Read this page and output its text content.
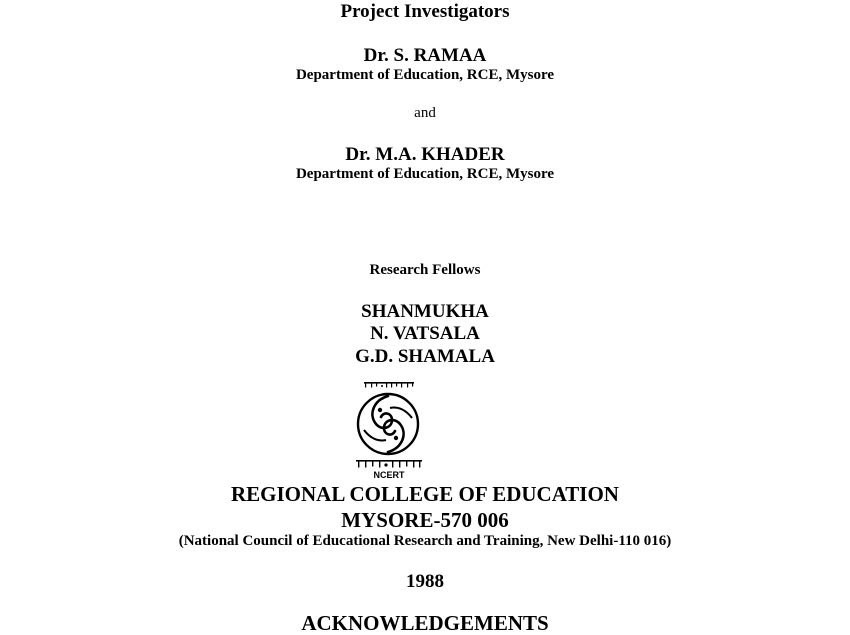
Project Investigators
Dr. S. RAMAA
Department of Education, RCE, Mysore
and
Dr. M.A. KHADER
Department of Education, RCE, Mysore
Research Fellows
SHANMUKHA
N. VATSALA
G.D. SHAMALA
NCERT
REGIONAL COLLEGE OF EDUCATION
MYSORE-570 006
(National Council of Educational Research and Training, New Delhi-110 016)
1988
ACKNOWLEDGEMENTS
